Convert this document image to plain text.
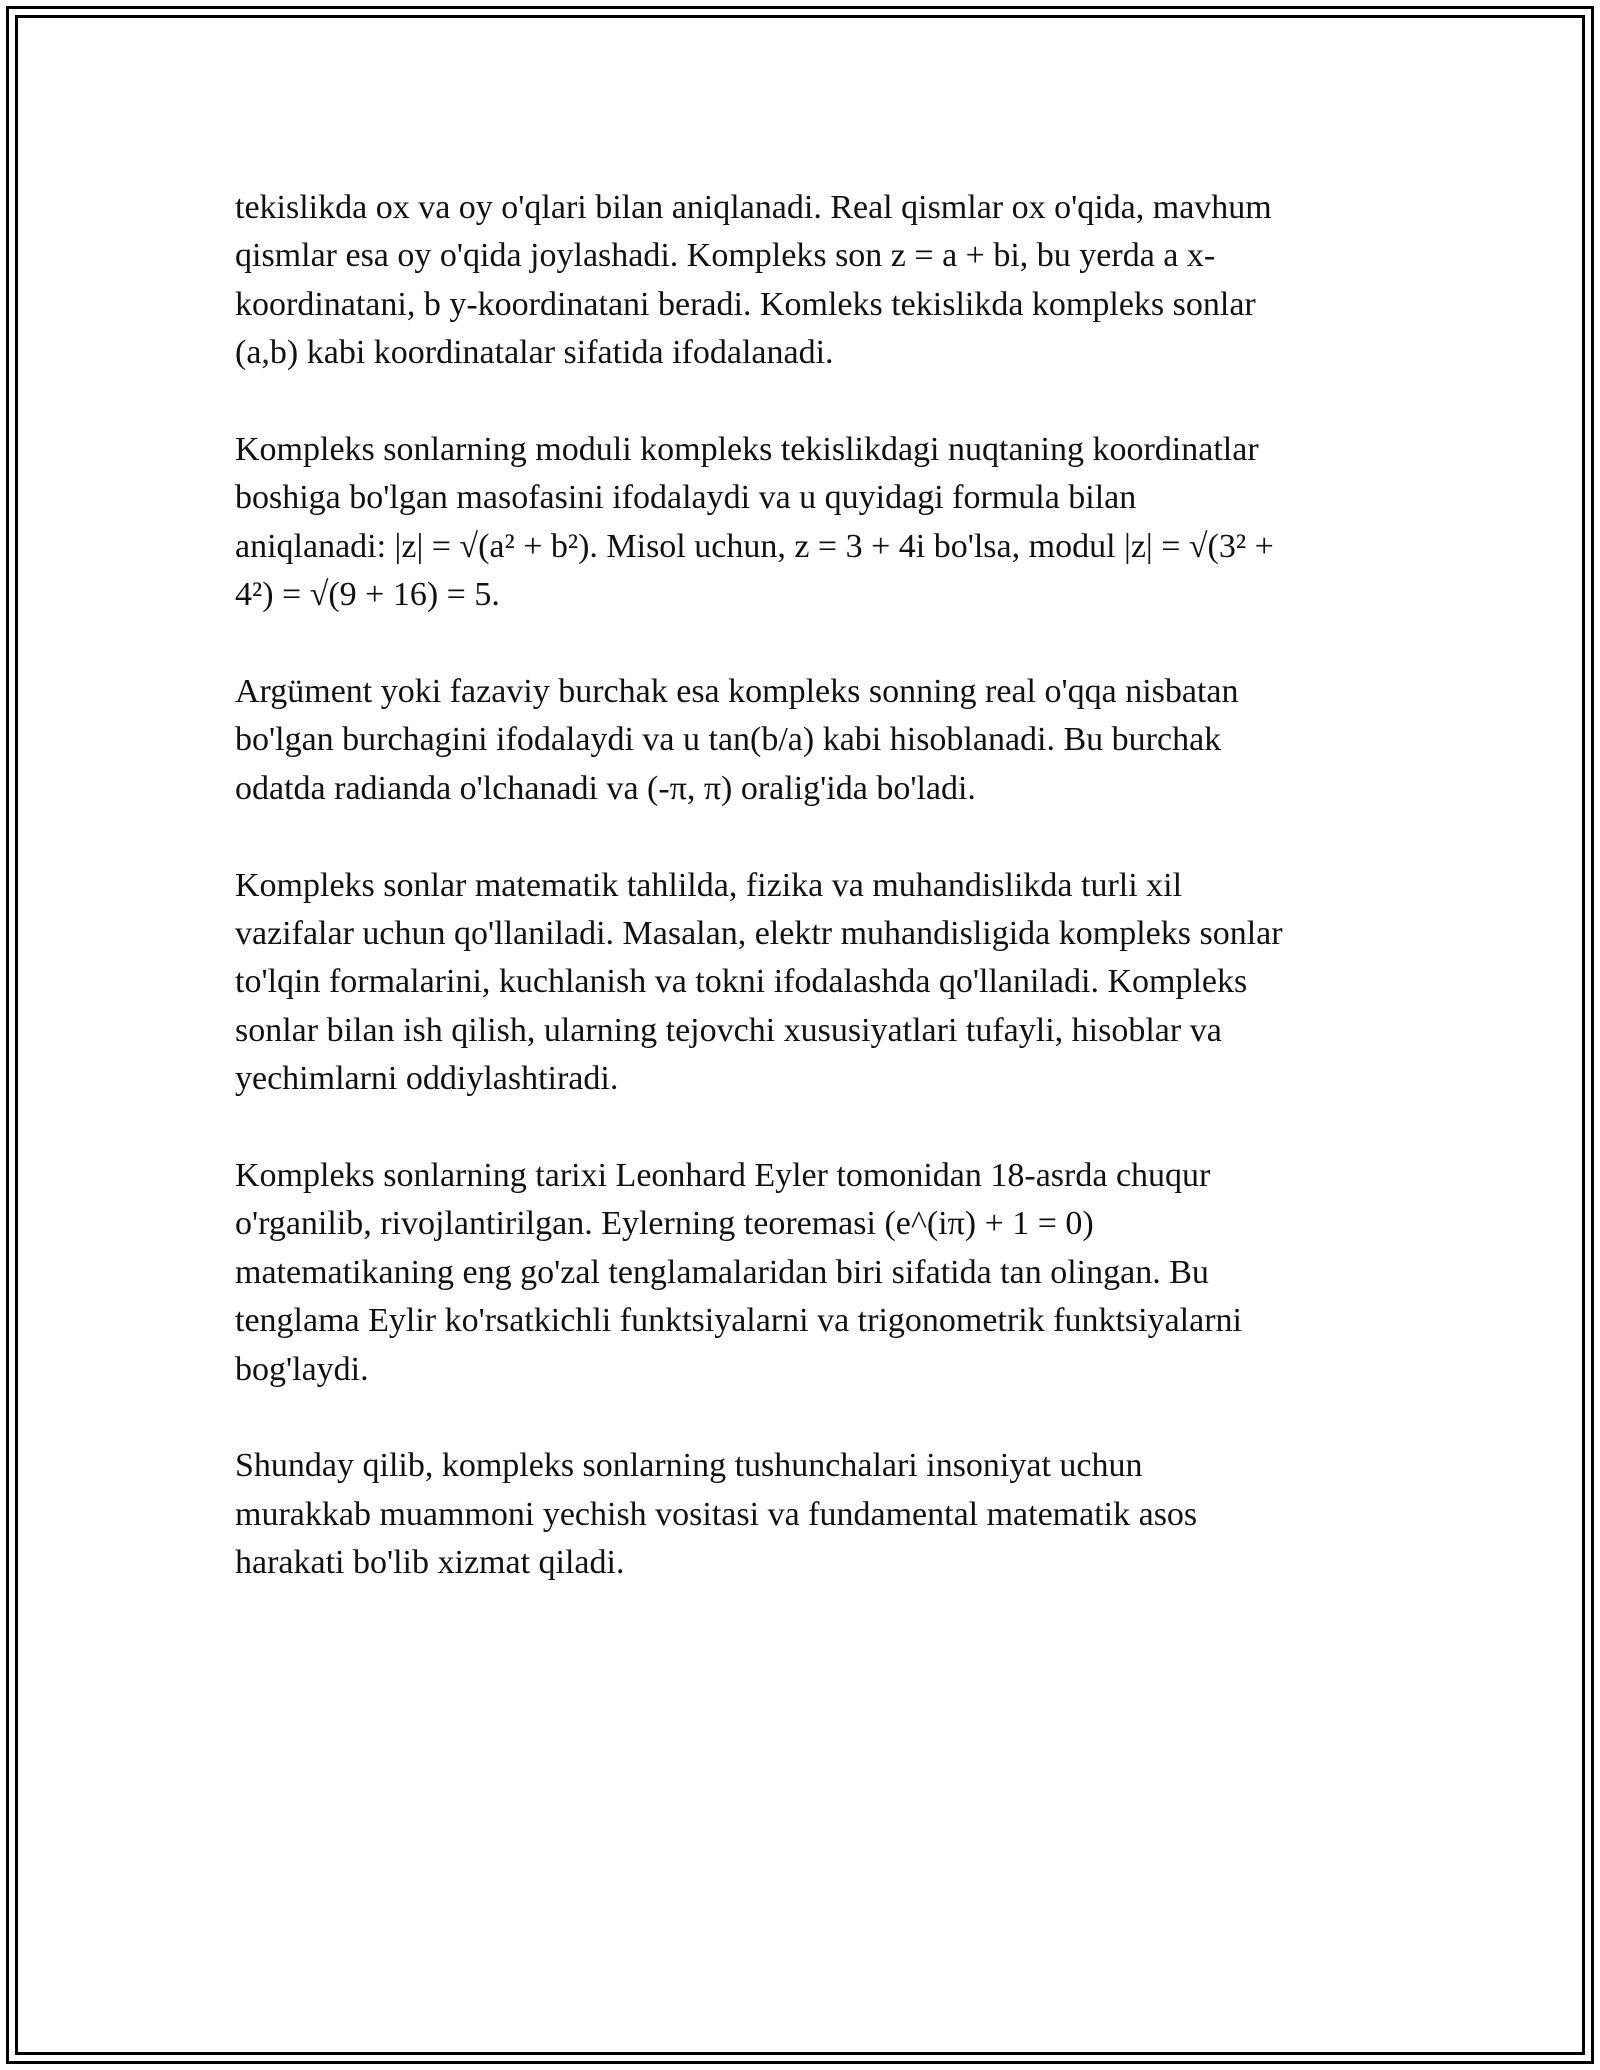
tekislikda ox va oy o'qlari bilan aniqlanadi. Real qismlar ox o'qida, mavhum
qismlar esa oy o'qida joylashadi. Kompleks son z = a + bi, bu yerda a x-
koordinatani, b y-koordinatani beradi. Komleks tekislikda kompleks sonlar
(a,b) kabi koordinatalar sifatida ifodalanadi.

Kompleks sonlarning moduli kompleks tekislikdagi nuqtaning koordinatlar
boshiga bo'lgan masofasini ifodalaydi va u quyidagi formula bilan
aniqlanadi: |z| = √(a² + b²). Misol uchun, z = 3 + 4i bo'lsa, modul |z| = √(3² +
4²) = √(9 + 16) = 5.

Argüment yoki fazaviy burchak esa kompleks sonning real o'qqa nisbatan
bo'lgan burchagini ifodalaydi va u tan(b/a) kabi hisoblanadi. Bu burchak
odatda radianda o'lchanadi va (-π, π) oralig'ida bo'ladi.

Kompleks sonlar matematik tahlilda, fizika va muhandislikda turli xil
vazifalar uchun qo'llaniladi. Masalan, elektr muhandisligida kompleks sonlar
to'lqin formalarini, kuchlanish va tokni ifodalashda qo'llaniladi. Kompleks
sonlar bilan ish qilish, ularning tejovchi xususiyatlari tufayli, hisoblar va
yechimlarni oddiylashtiradi.

Kompleks sonlarning tarixi Leonhard Eyler tomonidan 18-asrda chuqur
o'rganilib, rivojlantirilgan. Eylerning teoremasi (e^(iπ) + 1 = 0)
matematikaning eng go'zal tenglamalaridan biri sifatida tan olingan. Bu
tenglama Eylir ko'rsatkichli funktsiyalarni va trigonometrik funktsiyalarni
bog'laydi.

Shunday qilib, kompleks sonlarning tushunchalari insoniyat uchun
murakkab muammoni yechish vositasi va fundamental matematik asos
harakati bo'lib xizmat qiladi.
